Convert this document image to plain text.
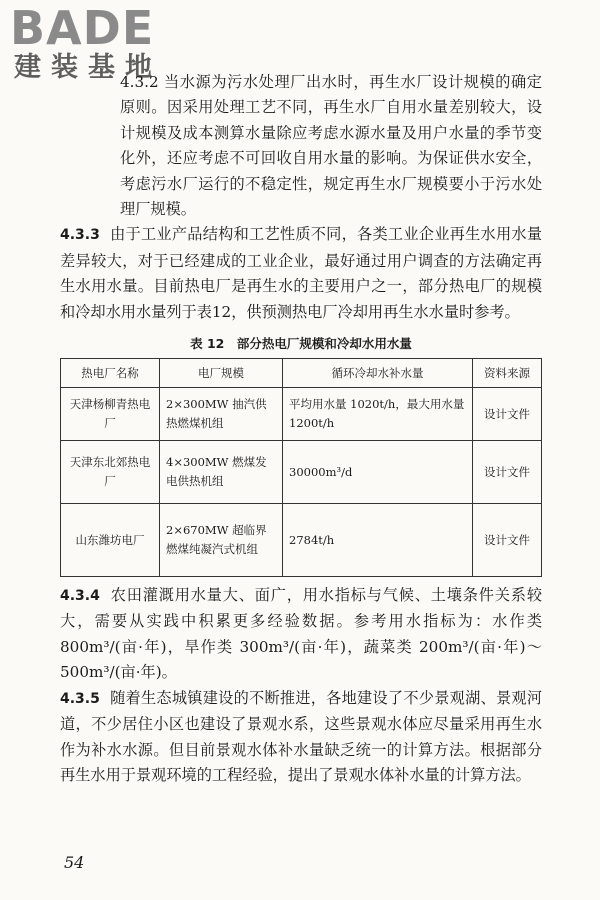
BADE
建装基地

4.3.2 当水源为污水处理厂出水时，再生水厂设计规模的确定原则。因采用处理工艺不同，再生水厂自用水量差别较大，设计规模及成本测算水量除应考虑水源水量及用户水量的季节变化外，还应考虑不可回收自用水量的影响。为保证供水安全，考虑污水厂运行的不稳定性，规定再生水厂规模要小于污水处理厂规模。

4.3.3 由于工业产品结构和工艺性质不同，各类工业企业再生水用水量差异较大，对于已经建成的工业企业，最好通过用户调查的方法确定再生水用水量。目前热电厂是再生水的主要用户之一，部分热电厂的规模和冷却水用水量列于表12，供预测热电厂冷却用再生水水量时参考。

表 12　部分热电厂规模和冷却水用水量
热电厂名称	电厂规模	循环冷却水补水量	资料来源
天津杨柳青热电厂	2×300MW 抽汽供热燃煤机组	平均用水量 1020t/h，最大用水量 1200t/h	设计文件
天津东北郊热电厂	4×300MW 燃煤发电供热机组	30000m³/d	设计文件
山东潍坊电厂	2×670MW 超临界燃煤纯凝汽式机组	2784t/h	设计文件

4.3.4 农田灌溉用水量大、面广，用水指标与气候、土壤条件关系较大，需要从实践中积累更多经验数据。参考用水指标为：水作类 800m³/(亩·年)，旱作类 300m³/(亩·年)，蔬菜类 200m³/(亩·年)～500m³/(亩·年)。

4.3.5 随着生态城镇建设的不断推进，各地建设了不少景观湖、景观河道，不少居住小区也建设了景观水系，这些景观水体应尽量采用再生水作为补水水源。但目前景观水体补水量缺乏统一的计算方法。根据部分再生水用于景观环境的工程经验，提出了景观水体补水量的计算方法。

54
